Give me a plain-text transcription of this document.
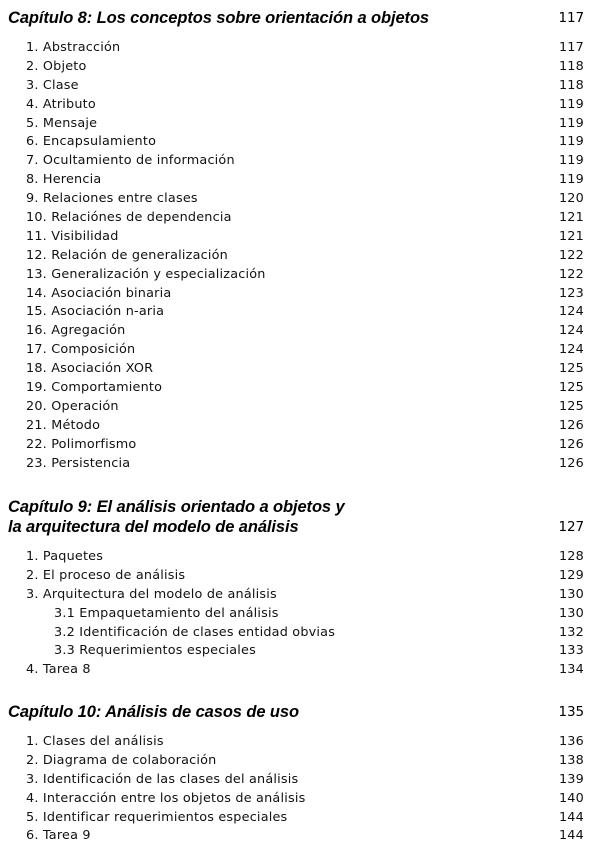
Capítulo 8: Los conceptos sobre orientación a objetos	117
1. Abstracción	117
2. Objeto	118
3. Clase	118
4. Atributo	119
5. Mensaje	119
6. Encapsulamiento	119
7. Ocultamiento de información	119
8. Herencia	119
9. Relaciones entre clases	120
10. Relaciónes de dependencia	121
11. Visibilidad	121
12. Relación de generalización	122
13. Generalización y especialización	122
14. Asociación binaria	123
15. Asociación n-aria	124
16. Agregación	124
17. Composición	124
18. Asociación XOR	125
19. Comportamiento	125
20. Operación	125
21. Método	126
22. Polimorfismo	126
23. Persistencia	126
Capítulo 9: El análisis orientado a objetos y
la arquitectura del modelo de análisis	127
1. Paquetes	128
2. El proceso de análisis	129
3. Arquitectura del modelo de análisis	130
3.1 Empaquetamiento del análisis	130
3.2 Identificación de clases entidad obvias	132
3.3 Requerimientos especiales	133
4. Tarea 8	134
Capítulo 10: Análisis de casos de uso	135
1. Clases del análisis	136
2. Diagrama de colaboración	138
3. Identificación de las clases del análisis	139
4. Interacción entre los objetos de análisis	140
5. Identificar requerimientos especiales	144
6. Tarea 9	144
